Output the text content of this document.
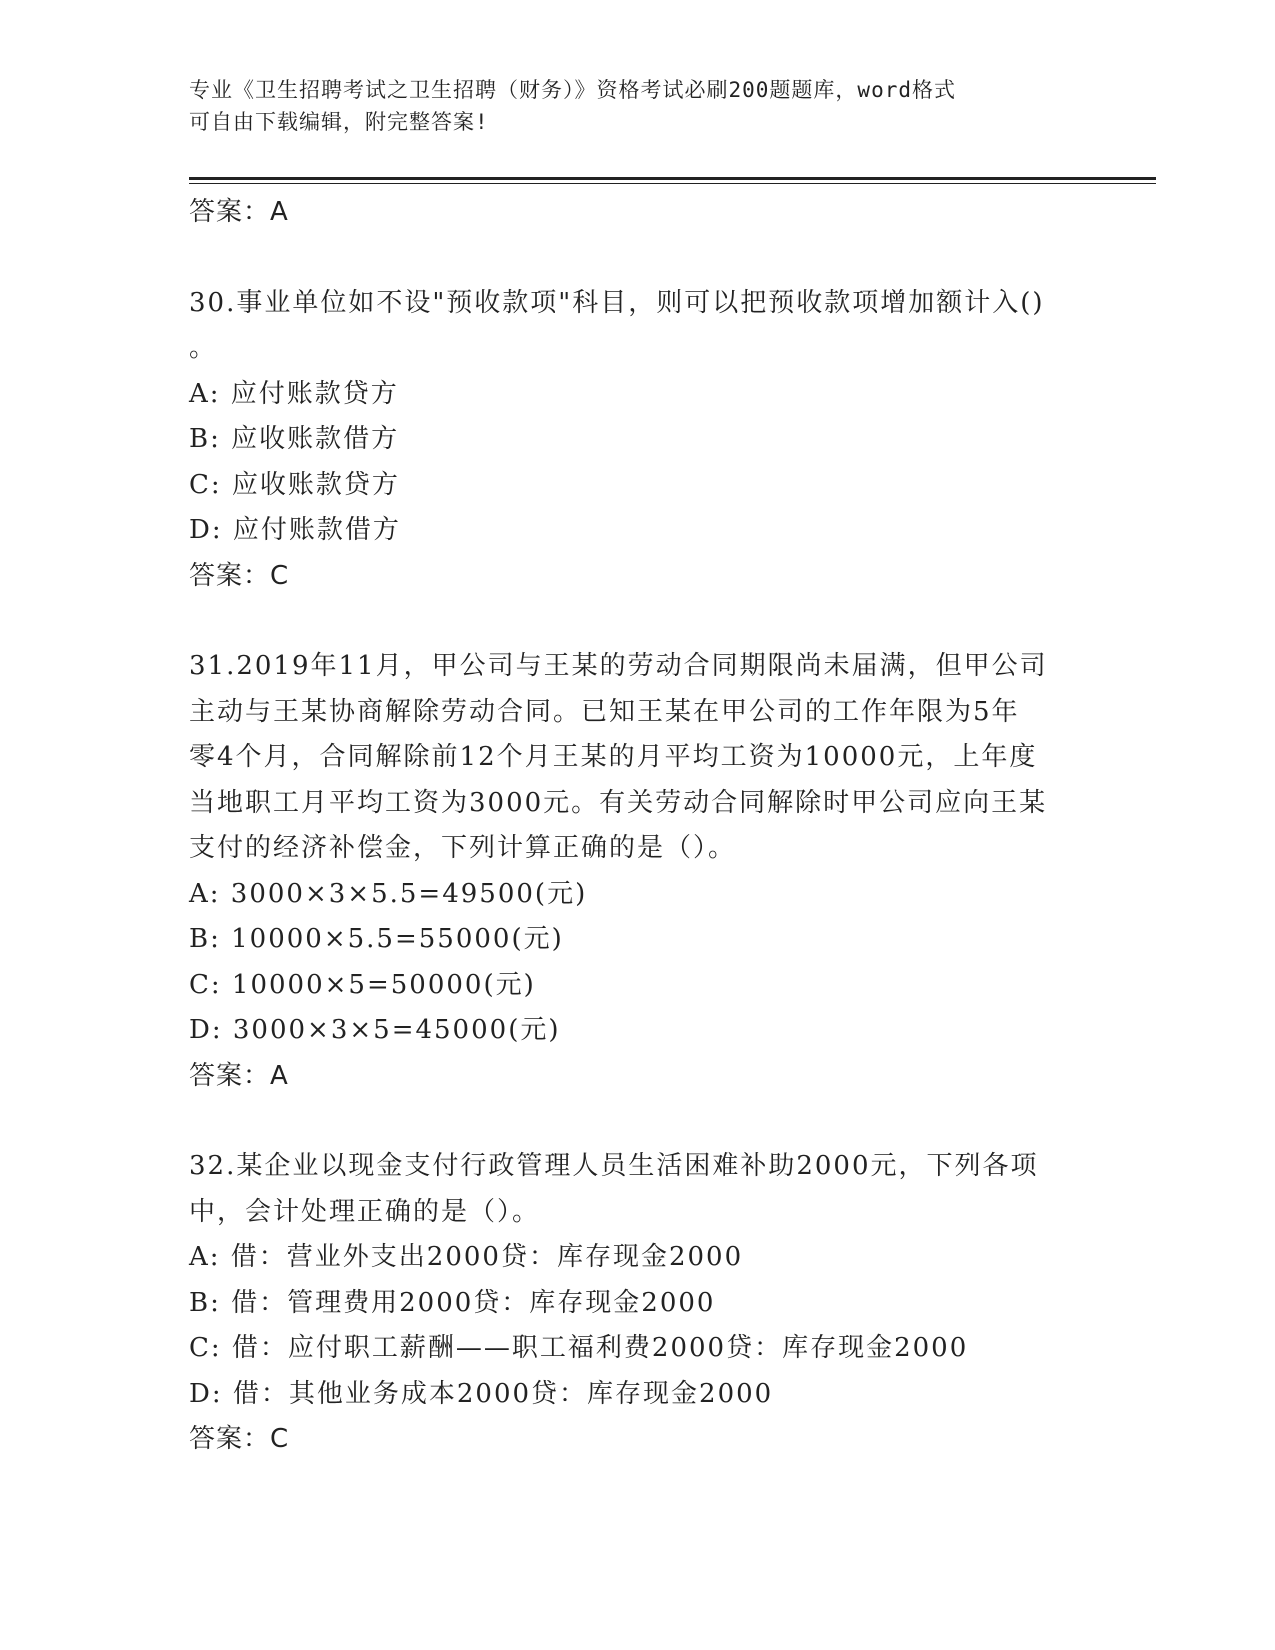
专业《卫生招聘考试之卫生招聘（财务）》资格考试必刷200题题库，word格式
可自由下载编辑，附完整答案!
答案：A
30.事业单位如不设"预收款项"科目，则可以把预收款项增加额计入()
。
A: 应付账款贷方
B: 应收账款借方
C: 应收账款贷方
D: 应付账款借方
答案：C
31.2019年11月，甲公司与王某的劳动合同期限尚未届满，但甲公司
主动与王某协商解除劳动合同。已知王某在甲公司的工作年限为5年
零4个月，合同解除前12个月王某的月平均工资为10000元，上年度
当地职工月平均工资为3000元。有关劳动合同解除时甲公司应向王某
支付的经济补偿金，下列计算正确的是（）。
A: 3000×3×5.5=49500(元)
B: 10000×5.5=55000(元)
C: 10000×5=50000(元)
D: 3000×3×5=45000(元)
答案：A
32.某企业以现金支付行政管理人员生活困难补助2000元，下列各项
中，会计处理正确的是（）。
A: 借：营业外支出2000贷：库存现金2000
B: 借：管理费用2000贷：库存现金2000
C: 借：应付职工薪酬——职工福利费2000贷：库存现金2000
D: 借：其他业务成本2000贷：库存现金2000
答案：C
